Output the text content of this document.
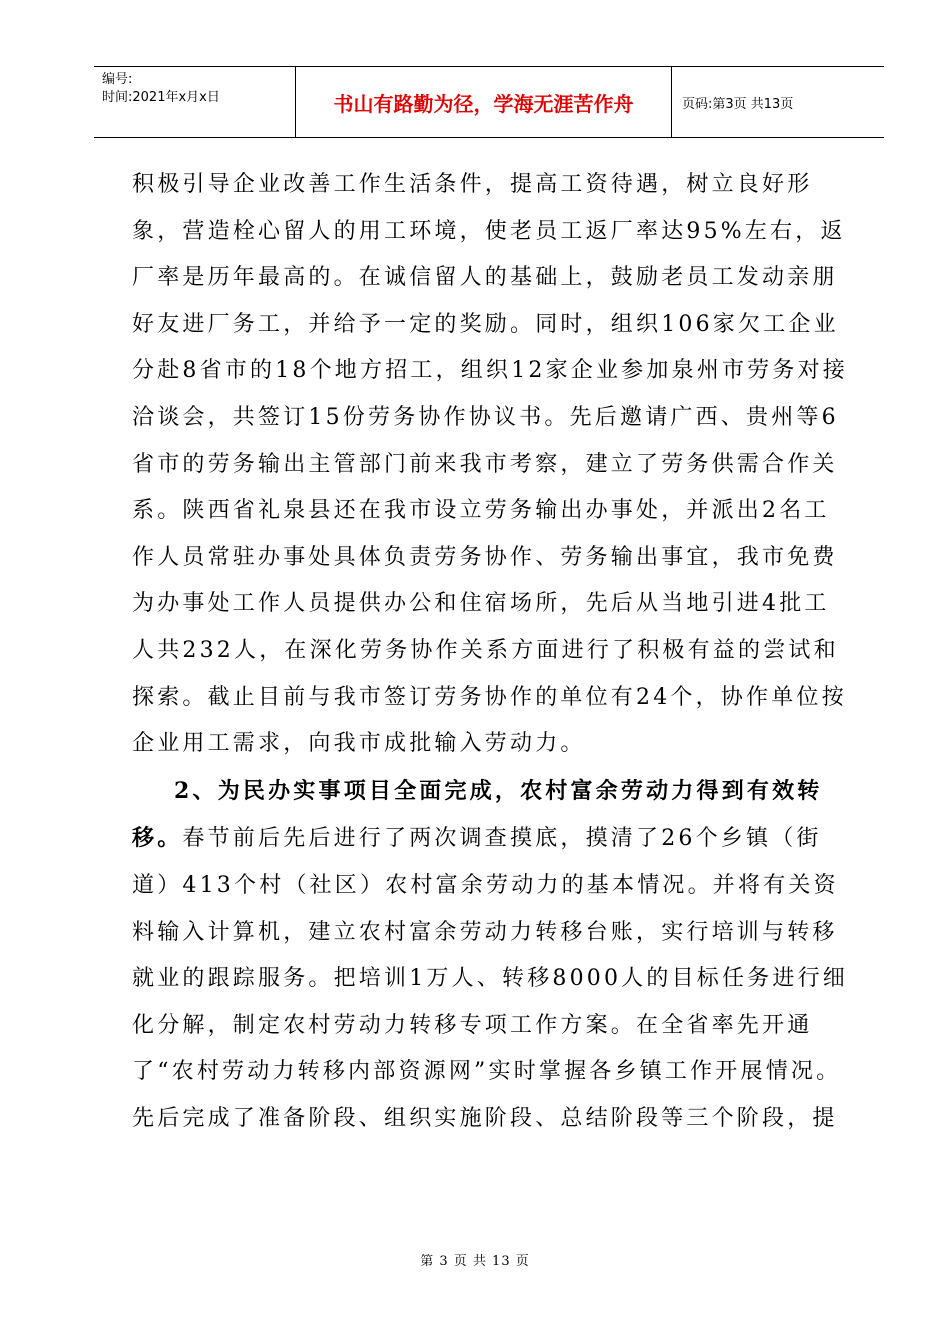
编号:
时间:2021年x月x日	书山有路勤为径，学海无涯苦作舟	页码:第3页 共13页

积极引导企业改善工作生活条件，提高工资待遇，树立良好形象，营造栓心留人的用工环境，使老员工返厂率达95%左右，返厂率是历年最高的。在诚信留人的基础上，鼓励老员工发动亲朋好友进厂务工，并给予一定的奖励。同时，组织106家欠工企业分赴8省市的18个地方招工，组织12家企业参加泉州市劳务对接洽谈会，共签订15份劳务协作协议书。先后邀请广西、贵州等6省市的劳务输出主管部门前来我市考察，建立了劳务供需合作关系。陕西省礼泉县还在我市设立劳务输出办事处，并派出2名工作人员常驻办事处具体负责劳务协作、劳务输出事宜，我市免费为办事处工作人员提供办公和住宿场所，先后从当地引进4批工人共232人，在深化劳务协作关系方面进行了积极有益的尝试和探索。截止目前与我市签订劳务协作的单位有24个，协作单位按企业用工需求，向我市成批输入劳动力。

2、为民办实事项目全面完成，农村富余劳动力得到有效转移。春节前后先后进行了两次调查摸底，摸清了26个乡镇（街道）413个村（社区）农村富余劳动力的基本情况。并将有关资料输入计算机，建立农村富余劳动力转移台账，实行培训与转移就业的跟踪服务。把培训1万人、转移8000人的目标任务进行细化分解，制定农村劳动力转移专项工作方案。在全省率先开通了“农村劳动力转移内部资源网”实时掌握各乡镇工作开展情况。先后完成了准备阶段、组织实施阶段、总结阶段等三个阶段，提

第 3 页 共 13 页
